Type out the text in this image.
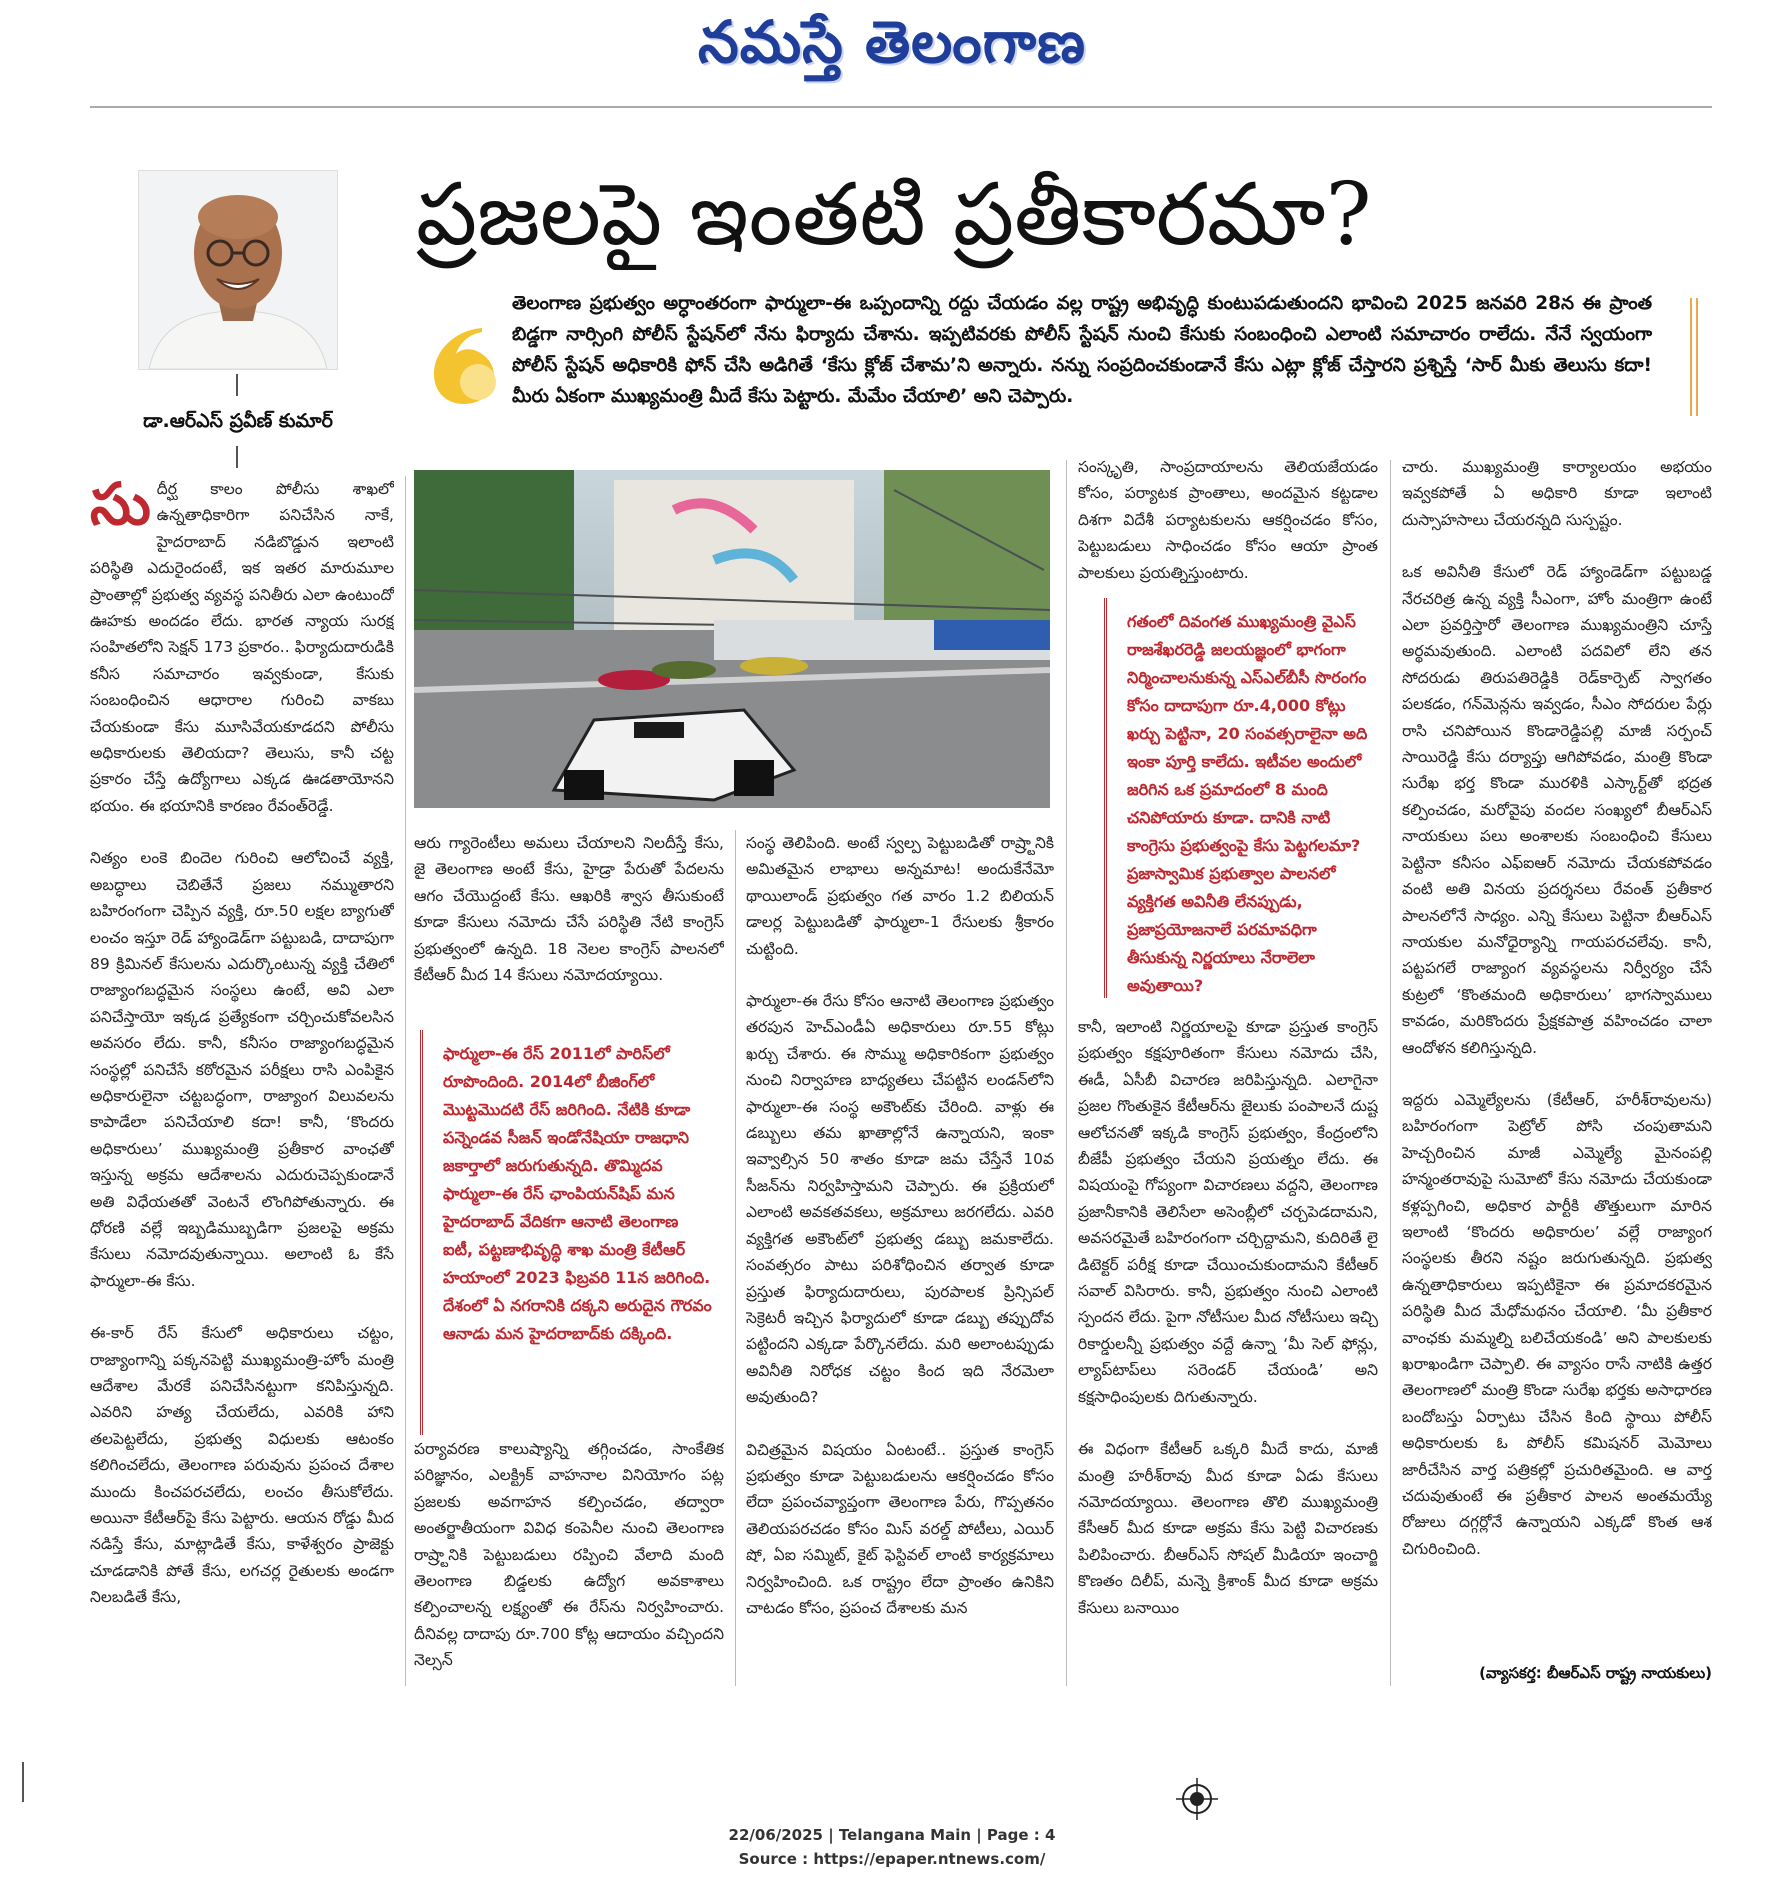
నమస్తే తెలంగాణ
డా.ఆర్‌ఎస్ ప్రవీణ్ కుమార్
ప్రజలపై ఇంతటి ప్రతీకారమా?
తెలంగాణ ప్రభుత్వం అర్ధాంతరంగా ఫార్ములా-ఈ ఒప్పందాన్ని రద్దు చేయడం వల్ల రాష్ట్ర అభివృద్ధి కుంటుపడుతుందని భావించి 2025 జనవరి 28న ఈ ప్రాంత బిడ్డగా నార్సింగి పోలీస్ స్టేషన్‌లో నేను ఫిర్యాదు చేశాను. ఇప్పటివరకు పోలీస్ స్టేషన్ నుంచి కేసుకు సంబంధించి ఎలాంటి సమాచారం రాలేదు. నేనే స్వయంగా పోలీస్ స్టేషన్ అధికారికి ఫోన్ చేసి అడిగితే ‘కేసు క్లోజ్ చేశామ’ని అన్నారు. నన్ను సంప్రదించకుండానే కేసు ఎట్లా క్లోజ్ చేస్తారని ప్రశ్నిస్తే ‘సార్ మీకు తెలుసు కదా! మీరు ఏకంగా ముఖ్యమంత్రి మీదే కేసు పెట్టారు. మేమేం చేయాలి’ అని చెప్పారు.

సుదీర్ఘ కాలం పోలీసు శాఖలో ఉన్నతాధికారిగా పనిచేసిన నాకే, హైదరాబాద్ నడిబొడ్డున ఇలాంటి పరిస్థితి ఎదురైందంటే, ఇక ఇతర మారుమూల ప్రాంతాల్లో ప్రభుత్వ వ్యవస్థ పనితీరు ఎలా ఉంటుందో ఊహకు అందడం లేదు. భారత న్యాయ సురక్ష సంహితలోని సెక్షన్ 173 ప్రకారం.. ఫిర్యాదుదారుడికి కనీస సమాచారం ఇవ్వకుండా, కేసుకు సంబంధించిన ఆధారాల గురించి వాకబు చేయకుండా కేసు మూసివేయకూడదని పోలీసు అధికారులకు తెలియదా? తెలుసు, కానీ చట్ట ప్రకారం చేస్తే ఉద్యోగాలు ఎక్కడ ఊడతాయోనని భయం. ఈ భయానికి కారణం రేవంత్‌రెడ్డే.

నిత్యం లంకె బిందెల గురించి ఆలోచించే వ్యక్తి, అబద్ధాలు చెబితేనే ప్రజలు నమ్ముతారని బహిరంగంగా చెప్పిన వ్యక్తి, రూ.50 లక్షల బ్యాగుతో లంచం ఇస్తూ రెడ్ హ్యాండెడ్‌గా పట్టుబడి, దాదాపుగా 89 క్రిమినల్ కేసులను ఎదుర్కొంటున్న వ్యక్తి చేతిలో రాజ్యాంగబద్ధమైన సంస్థలు ఉంటే, అవి ఎలా పనిచేస్తాయో ఇక్కడ ప్రత్యేకంగా చర్చించుకోవలసిన అవసరం లేదు. కానీ, కనీసం రాజ్యాంగబద్ధమైన సంస్థల్లో పనిచేసే కఠోరమైన పరీక్షలు రాసి ఎంపికైన అధికారులైనా చట్టబద్ధంగా, రాజ్యాంగ విలువలను కాపాడేలా పనిచేయాలి కదా! కానీ, ‘కొందరు అధికారులు’ ముఖ్యమంత్రి ప్రతీకార వాంఛతో ఇస్తున్న అక్రమ ఆదేశాలను ఎదురుచెప్పకుండానే అతి విధేయతతో వెంటనే లొంగిపోతున్నారు. ఈ ధోరణి వల్లే ఇబ్బడిముబ్బడిగా ప్రజలపై అక్రమ కేసులు నమోదవుతున్నాయి. అలాంటి ఓ కేసే ఫార్ములా-ఈ కేసు.

ఈ-కార్ రేస్ కేసులో అధికారులు చట్టం, రాజ్యాంగాన్ని పక్కనపెట్టి ముఖ్యమంత్రి-హోం మంత్రి ఆదేశాల మేరకే పనిచేసినట్టుగా కనిపిస్తున్నది. ఎవరిని హత్య చేయలేదు, ఎవరికి హాని తలపెట్టలేదు, ప్రభుత్వ విధులకు ఆటంకం కలిగించలేదు, తెలంగాణ పరువును ప్రపంచ దేశాల ముందు కించపరచలేదు, లంచం తీసుకోలేదు. అయినా కేటీఆర్‌పై కేసు పెట్టారు. ఆయన రోడ్డు మీద నడిస్తే కేసు, మాట్లాడితే కేసు, కాళేశ్వరం ప్రాజెక్టు చూడడానికి పోతే కేసు, లగచర్ల రైతులకు అండగా నిలబడితే కేసు,

ఆరు గ్యారెంటీలు అమలు చేయాలని నిలదీస్తే కేసు, జై తెలంగాణ అంటే కేసు, హైడ్రా పేరుతో పేదలను ఆగం చేయొద్దంటే కేసు. ఆఖరికి శ్వాస తీసుకుంటే కూడా కేసులు నమోదు చేసే పరిస్థితి నేటి కాంగ్రెస్ ప్రభుత్వంలో ఉన్నది. 18 నెలల కాంగ్రెస్ పాలనలో కేటీఆర్ మీద 14 కేసులు నమోదయ్యాయి.

ఫార్ములా-ఈ రేస్ 2011లో పారిస్‌లో రూపొందింది. 2014లో బీజింగ్‌లో మొట్టమొదటి రేస్ జరిగింది. నేటికి కూడా పన్నెండవ సీజన్ ఇండోనేషియా రాజధాని జకార్తాలో జరుగుతున్నది. తొమ్మిదవ ఫార్ములా-ఈ రేస్ ఛాంపియన్‌షిప్ మన హైదరాబాద్ వేదికగా ఆనాటి తెలంగాణ ఐటీ, పట్టణాభివృద్ధి శాఖ మంత్రి కేటీఆర్ హయాంలో 2023 ఫిబ్రవరి 11న జరిగింది. దేశంలో ఏ నగరానికి దక్కని అరుదైన గౌరవం ఆనాడు మన హైదరాబాద్‌కు దక్కింది.

పర్యావరణ కాలుష్యాన్ని తగ్గించడం, సాంకేతిక పరిజ్ఞానం, ఎలక్ట్రిక్ వాహనాల వినియోగం పట్ల ప్రజలకు అవగాహన కల్పించడం, తద్వారా అంతర్జాతీయంగా వివిధ కంపెనీల నుంచి తెలంగాణ రాష్ర్టానికి పెట్టుబడులు రప్పించి వేలాది మంది తెలంగాణ బిడ్డలకు ఉద్యోగ అవకాశాలు కల్పించాలన్న లక్ష్యంతో ఈ రేస్‌ను నిర్వహించారు. దీనివల్ల దాదాపు రూ.700 కోట్ల ఆదాయం వచ్చిందని నెల్సన్

సంస్థ తెలిపింది. అంటే స్వల్ప పెట్టుబడితో రాష్ర్టానికి అమితమైన లాభాలు అన్నమాట! అందుకేనేమో థాయిలాండ్ ప్రభుత్వం గత వారం 1.2 బిలియన్ డాలర్ల పెట్టుబడితో ఫార్ములా-1 రేసులకు శ్రీకారం చుట్టింది.

ఫార్ములా-ఈ రేసు కోసం ఆనాటి తెలంగాణ ప్రభుత్వం తరపున హెచ్ఎండీఏ అధికారులు రూ.55 కోట్లు ఖర్చు చేశారు. ఈ సొమ్ము అధికారికంగా ప్రభుత్వం నుంచి నిర్వాహణ బాధ్యతలు చేపట్టిన లండన్‌లోని ఫార్ములా-ఈ సంస్థ అకౌంట్‌కు చేరింది. వాళ్లు ఈ డబ్బులు తమ ఖాతాల్లోనే ఉన్నాయని, ఇంకా ఇవ్వాల్సిన 50 శాతం కూడా జమ చేస్తేనే 10వ సీజన్‌ను నిర్వహిస్తామని చెప్పారు. ఈ ప్రక్రియలో ఎలాంటి అవకతవకలు, అక్రమాలు జరగలేదు. ఎవరి వ్యక్తిగత అకౌంట్‌లో ప్రభుత్వ డబ్బు జమకాలేదు. సంవత్సరం పాటు పరిశోధించిన తర్వాత కూడా ప్రస్తుత ఫిర్యాదుదారులు, పురపాలక ప్రిన్సిపల్ సెక్రెటరీ ఇచ్చిన ఫిర్యాదులో కూడా డబ్బు తప్పుదోవ పట్టిందని ఎక్కడా పేర్కొనలేదు. మరి అలాంటప్పుడు అవినీతి నిరోధక చట్టం కింద ఇది నేరమెలా అవుతుంది?

విచిత్రమైన విషయం ఏంటంటే.. ప్రస్తుత కాంగ్రెస్ ప్రభుత్వం కూడా పెట్టుబడులను ఆకర్షించడం కోసం లేదా ప్రపంచవ్యాప్తంగా తెలంగాణ పేరు, గొప్పతనం తెలియపరచడం కోసం మిస్ వరల్డ్ పోటీలు, ఎయిర్ షో, ఏఐ సమ్మిట్, కైట్ ఫెస్టివల్ లాంటి కార్యక్రమాలు నిర్వహించింది. ఒక రాష్ట్రం లేదా ప్రాంతం ఉనికిని చాటడం కోసం, ప్రపంచ దేశాలకు మన

సంస్కృతి, సాంప్రదాయాలను తెలియజేయడం కోసం, పర్యాటక ప్రాంతాలు, అందమైన కట్టడాల దిశగా విదేశీ పర్యాటకులను ఆకర్షించడం కోసం, పెట్టుబడులు సాధించడం కోసం ఆయా ప్రాంత పాలకులు ప్రయత్నిస్తుంటారు.

గతంలో దివంగత ముఖ్యమంత్రి వైఎస్ రాజశేఖరరెడ్డి జలయజ్ఞంలో భాగంగా నిర్మించాలనుకున్న ఎస్ఎల్‌బీసీ సొరంగం కోసం దాదాపుగా రూ.4,000 కోట్లు ఖర్చు పెట్టినా, 20 సంవత్సరాలైనా అది ఇంకా పూర్తి కాలేదు. ఇటీవల అందులో జరిగిన ఒక ప్రమాదంలో 8 మంది చనిపోయారు కూడా. దానికి నాటి కాంగ్రెసు ప్రభుత్వంపై కేసు పెట్టగలమా? ప్రజాస్వామిక ప్రభుత్వాల పాలనలో వ్యక్తిగత అవినీతి లేనప్పుడు, ప్రజాప్రయోజనాలే పరమావధిగా తీసుకున్న నిర్ణయాలు నేరాలెలా అవుతాయి?

కానీ, ఇలాంటి నిర్ణయాలపై కూడా ప్రస్తుత కాంగ్రెస్ ప్రభుత్వం కక్షపూరితంగా కేసులు నమోదు చేసి, ఈడీ, ఏసీబీ విచారణ జరిపిస్తున్నది. ఎలాగైనా ప్రజల గొంతుకైన కేటీఆర్‌ను జైలుకు పంపాలనే దుష్ట ఆలోచనతో ఇక్కడి కాంగ్రెస్ ప్రభుత్వం, కేంద్రంలోని బీజేపీ ప్రభుత్వం చేయని ప్రయత్నం లేదు. ఈ విషయంపై గోప్యంగా విచారణలు వద్దని, తెలంగాణ ప్రజానీకానికి తెలిసేలా అసెంబ్లీలో చర్చపెడదామని, అవసరమైతే బహిరంగంగా చర్చిద్దామని, కుదిరితే లై డిటెక్టర్ పరీక్ష కూడా చేయించుకుందామని కేటీఆర్ సవాల్ విసిరారు. కానీ, ప్రభుత్వం నుంచి ఎలాంటి స్పందన లేదు. పైగా నోటీసుల మీద నోటీసులు ఇచ్చి రికార్డులన్నీ ప్రభుత్వం వద్దే ఉన్నా ‘మీ సెల్ ఫోన్లు, ల్యాప్‌టాప్‌లు సరెండర్ చేయండి’ అని కక్షసాధింపులకు దిగుతున్నారు.

ఈ విధంగా కేటీఆర్ ఒక్కరి మీదే కాదు, మాజీ మంత్రి హరీశ్‌రావు మీద కూడా ఏడు కేసులు నమోదయ్యాయి. తెలంగాణ తొలి ముఖ్యమంత్రి కేసీఆర్ మీద కూడా అక్రమ కేసు పెట్టి విచారణకు పిలిపించారు. బీఆర్ఎస్ సోషల్ మీడియా ఇంచార్జి కొణతం దిలీప్, మన్నె క్రిశాంక్ మీద కూడా అక్రమ కేసులు బనాయిం

చారు. ముఖ్యమంత్రి కార్యాలయం అభయం ఇవ్వకపోతే ఏ అధికారి కూడా ఇలాంటి దుస్సాహసాలు చేయరన్నది సుస్పష్టం.

ఒక అవినీతి కేసులో రెడ్ హ్యాండెడ్‌గా పట్టుబడ్డ నేరచరిత్ర ఉన్న వ్యక్తి సీఎంగా, హోం మంత్రిగా ఉంటే ఎలా ప్రవర్తిస్తారో తెలంగాణ ముఖ్యమంత్రిని చూస్తే అర్థమవుతుంది. ఎలాంటి పదవిలో లేని తన సోదరుడు తిరుపతిరెడ్డికి రెడ్‌కార్పెట్ స్వాగతం పలకడం, గన్‌మెన్లను ఇవ్వడం, సీఎం సోదరుల పేర్లు రాసి చనిపోయిన కొండారెడ్డిపల్లి మాజీ సర్పంచ్ సాయిరెడ్డి కేసు దర్యాప్తు ఆగిపోవడం, మంత్రి కొండా సురేఖ భర్త కొండా మురళికి ఎస్కార్ట్‌తో భద్రత కల్పించడం, మరోవైపు వందల సంఖ్యలో బీఆర్ఎస్ నాయకులు పలు అంశాలకు సంబంధించి కేసులు పెట్టినా కనీసం ఎఫ్ఐఆర్ నమోదు చేయకపోవడం వంటి అతి వినయ ప్రదర్శనలు రేవంత్ ప్రతీకార పాలనలోనే సాధ్యం. ఎన్ని కేసులు పెట్టినా బీఆర్ఎస్ నాయకుల మనోధైర్యాన్ని గాయపరచలేవు. కానీ, పట్టపగలే రాజ్యాంగ వ్యవస్థలను నిర్వీర్యం చేసే కుట్రలో ‘కొంతమంది అధికారులు’ భాగస్వాములు కావడం, మరికొందరు ప్రేక్షకపాత్ర వహించడం చాలా ఆందోళన కలిగిస్తున్నది.

ఇద్దరు ఎమ్మెల్యేలను (కేటీఆర్, హరీశ్‌రావులను) బహిరంగంగా పెట్రోల్ పోసి చంపుతామని హెచ్చరించిన మాజీ ఎమ్మెల్యే మైనంపల్లి హన్మంతరావుపై సుమోటో కేసు నమోదు చేయకుండా కళ్లప్పగించి, అధికార పార్టీకి తొత్తులుగా మారిన ఇలాంటి ‘కొందరు అధికారుల’ వల్లే రాజ్యాంగ సంస్థలకు తీరని నష్టం జరుగుతున్నది. ప్రభుత్వ ఉన్నతాధికారులు ఇప్పటికైనా ఈ ప్రమాదకరమైన పరిస్థితి మీద మేధోమథనం చేయాలి. ‘మీ ప్రతీకార వాంఛకు మమ్మల్ని బలిచేయకండి’ అని పాలకులకు ఖరాఖండిగా చెప్పాలి. ఈ వ్యాసం రాసే నాటికి ఉత్తర తెలంగాణలో మంత్రి కొండా సురేఖ భర్తకు అసాధారణ బందోబస్తు ఏర్పాటు చేసిన కింది స్థాయి పోలీస్ అధికారులకు ఓ పోలీస్ కమిషనర్ మెమోలు జారీచేసిన వార్త పత్రికల్లో ప్రచురితమైంది. ఆ వార్త చదువుతుంటే ఈ ప్రతీకార పాలన అంతమయ్యే రోజులు దగ్గర్లోనే ఉన్నాయని ఎక్కడో కొంత ఆశ చిగురించింది.

(వ్యాసకర్త: బీఆర్ఎస్ రాష్ట్ర నాయకులు)
22/06/2025 | Telangana Main | Page : 4
Source : https://epaper.ntnews.com/
